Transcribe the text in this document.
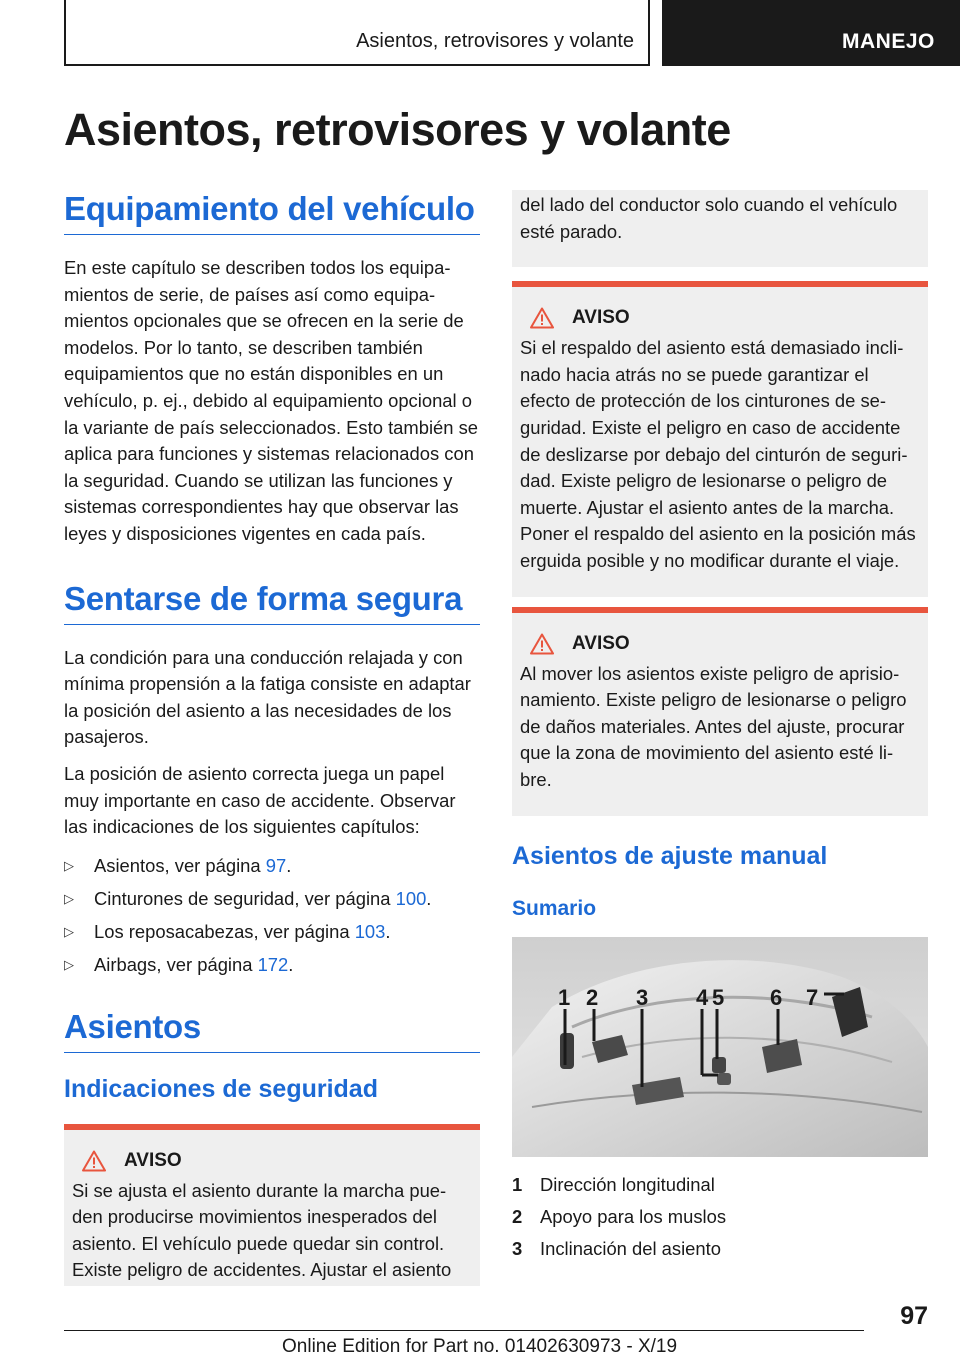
Asientos, retrovisores y volante	MANEJO
Asientos, retrovisores y volante
Equipamiento del vehículo

En este capítulo se describen todos los equipamientos de serie, de países así como equipamientos opcionales que se ofrecen en la serie de modelos. Por lo tanto, se describen también equipamientos que no están disponibles en un vehículo, p. ej., debido al equipamiento opcional o la variante de país seleccionados. Esto también se aplica para funciones y sistemas relacionados con la seguridad. Cuando se utilizan las funciones y sistemas correspondientes hay que observar las leyes y disposiciones vigentes en cada país.

Sentarse de forma segura

La condición para una conducción relajada y con mínima propensión a la fatiga consiste en adaptar la posición del asiento a las necesidades de los pasajeros.

La posición de asiento correcta juega un papel muy importante en caso de accidente. Observar las indicaciones de los siguientes capítulos:

▷ Asientos, ver página 97.
▷ Cinturones de seguridad, ver página 100.
▷ Los reposacabezas, ver página 103.
▷ Airbags, ver página 172.
Asientos
Indicaciones de seguridad
AVISO

Si se ajusta el asiento durante la marcha pueden producirse movimientos inesperados del asiento. El vehículo puede quedar sin control. Existe peligro de accidentes. Ajustar el asiento

del lado del conductor solo cuando el vehículo esté parado.

AVISO

Si el respaldo del asiento está demasiado inclinado hacia atrás no se puede garantizar el efecto de protección de los cinturones de seguridad. Existe el peligro en caso de accidente de deslizarse por debajo del cinturón de seguridad. Existe peligro de lesionarse o peligro de muerte. Ajustar el asiento antes de la marcha. Poner el respaldo del asiento en la posición más erguida posible y no modificar durante el viaje.

AVISO

Al mover los asientos existe peligro de aprisionamiento. Existe peligro de lesionarse o peligro de daños materiales. Antes del ajuste, procurar que la zona de movimiento del asiento esté libre.

Asientos de ajuste manual
Sumario
1 2 3 4 5 6 7
1 Dirección longitudinal
2 Apoyo para los muslos
3 Inclinación del asiento
97
Online Edition for Part no. 01402630973 - X/19
